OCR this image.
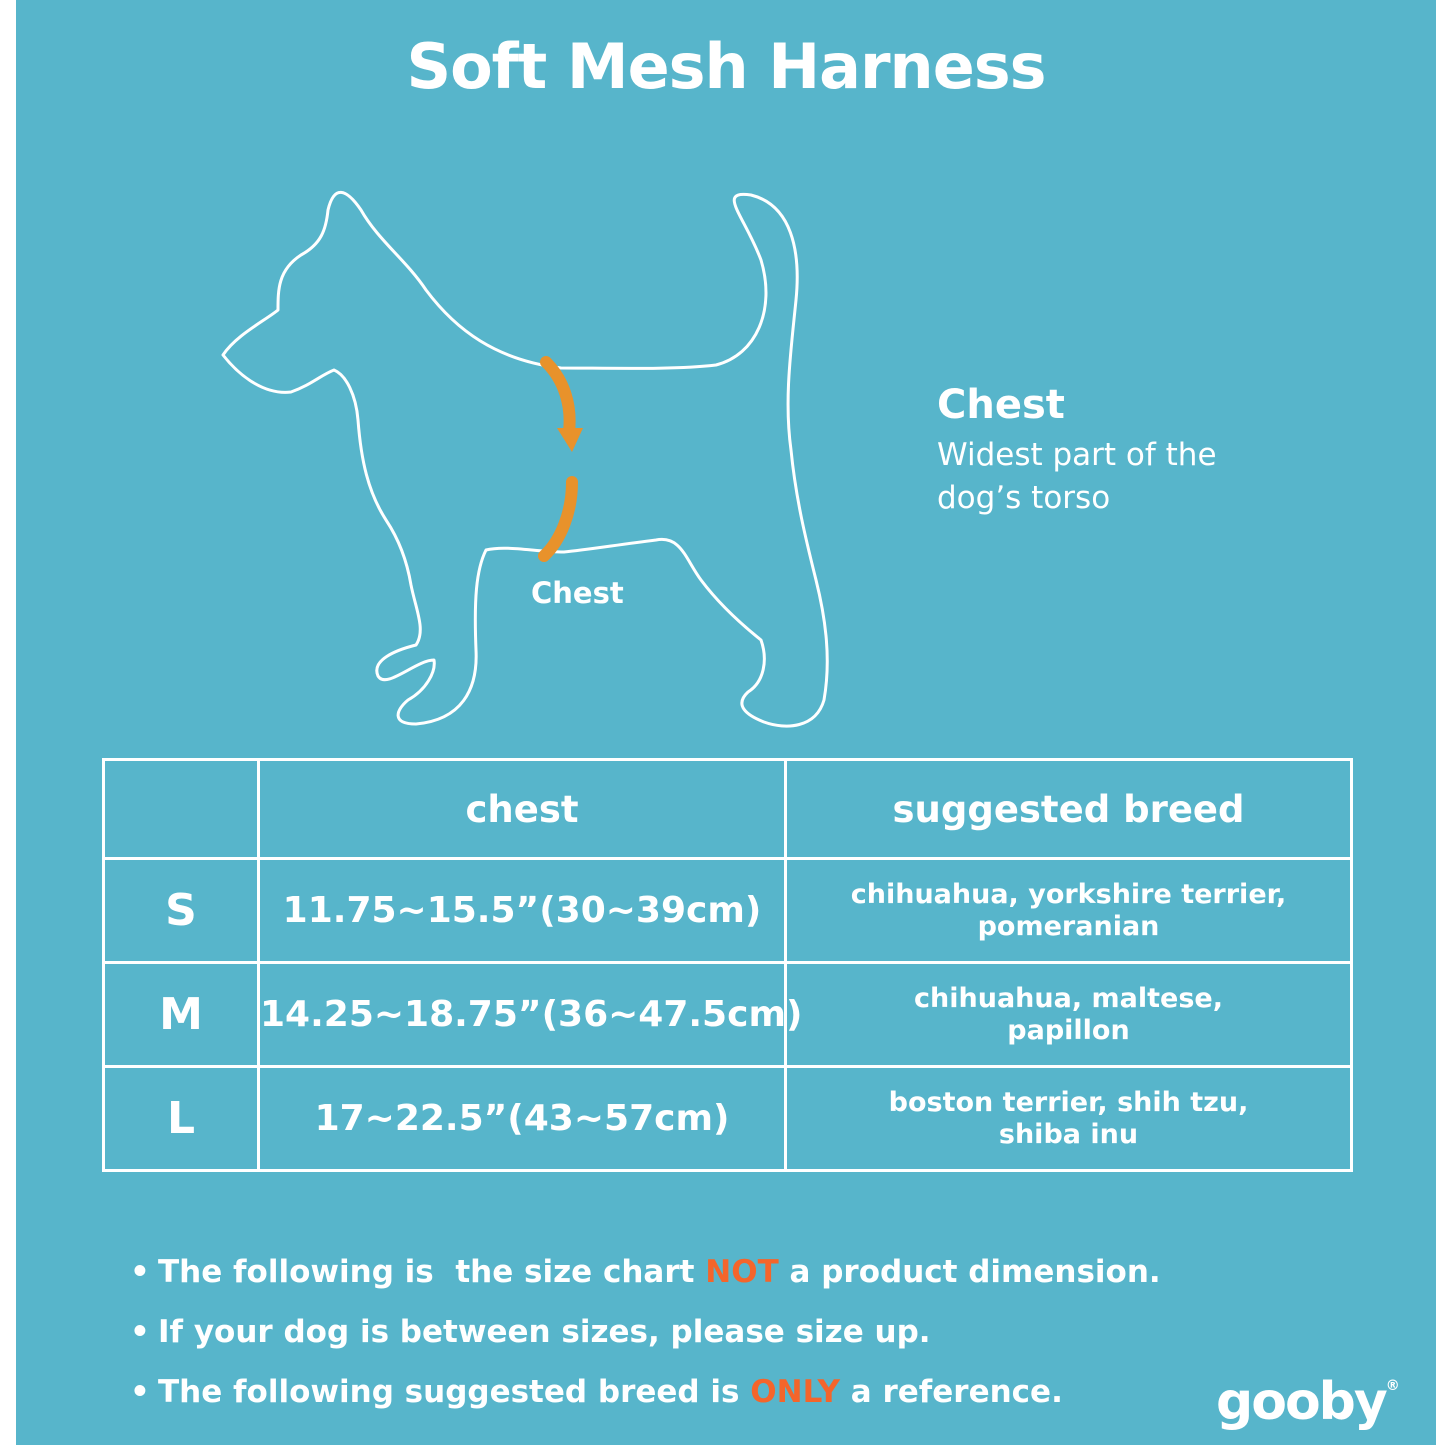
Soft Mesh Harness
Chest
Chest
Widest part of the dog’s torso
	chest	suggested breed
S	11.75~15.5”(30~39cm)	chihuahua, yorkshire terrier,
pomeranian

M	14.25~18.75”(36~47.5cm)	chihuahua, maltese,
papillon

L	17~22.5”(43~57cm)	boston terrier, shih tzu,
shiba inu
• The following is  the size chart NOT a product dimension.
• If your dog is between sizes, please size up.
• The following suggested breed is ONLY a reference.	gooby®
